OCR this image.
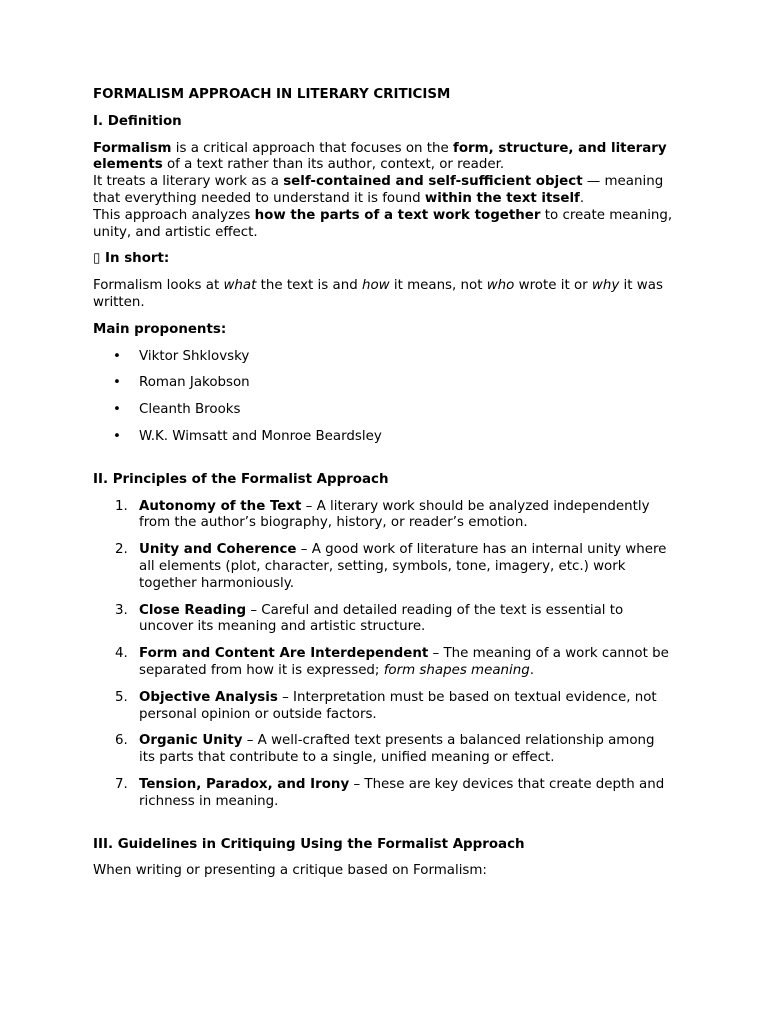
FORMALISM APPROACH IN LITERARY CRITICISM

I. Definition

Formalism is a critical approach that focuses on the form, structure, and literary elements of a text rather than its author, context, or reader.

It treats a literary work as a self-contained and self-sufficient object — meaning that everything needed to understand it is found within the text itself.

This approach analyzes how the parts of a text work together to create meaning, unity, and artistic effect.

▯ In short:

Formalism looks at what the text is and how it means, not who wrote it or why it was written.

Main proponents:

• Viktor Shklovsky
• Roman Jakobson
• Cleanth Brooks
• W.K. Wimsatt and Monroe Beardsley

II. Principles of the Formalist Approach

1. Autonomy of the Text – A literary work should be analyzed independently from the author’s biography, history, or reader’s emotion.
2. Unity and Coherence – A good work of literature has an internal unity where all elements (plot, character, setting, symbols, tone, imagery, etc.) work together harmoniously.
3. Close Reading – Careful and detailed reading of the text is essential to uncover its meaning and artistic structure.
4. Form and Content Are Interdependent – The meaning of a work cannot be separated from how it is expressed; form shapes meaning.
5. Objective Analysis – Interpretation must be based on textual evidence, not personal opinion or outside factors.
6. Organic Unity – A well-crafted text presents a balanced relationship among its parts that contribute to a single, unified meaning or effect.
7. Tension, Paradox, and Irony – These are key devices that create depth and richness in meaning.

III. Guidelines in Critiquing Using the Formalist Approach

When writing or presenting a critique based on Formalism:
